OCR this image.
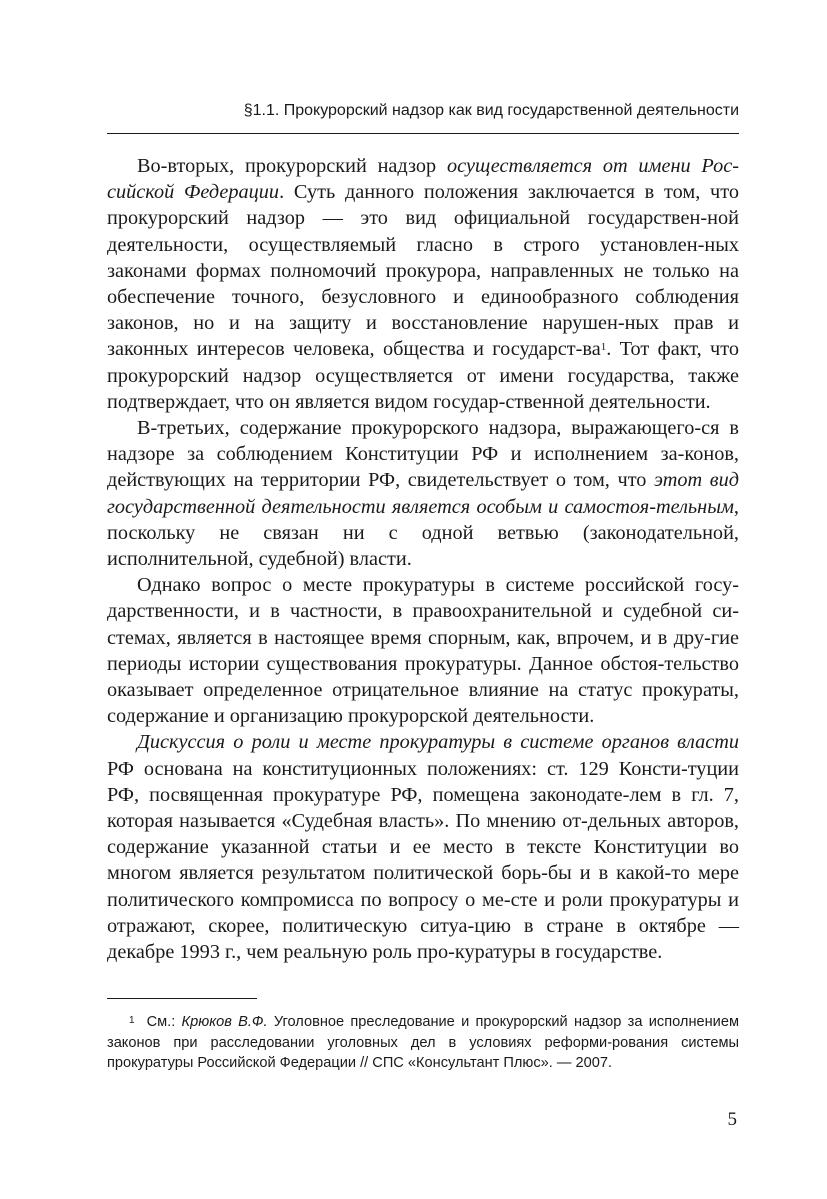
§1.1. Прокурорский надзор как вид государственной деятельности

Во-вторых, прокурорский надзор осуществляется от имени Рос-сийской Федерации. Суть данного положения заключается в том, что прокурорский надзор — это вид официальной государствен-ной деятельности, осуществляемый гласно в строго установлен-ных законами формах полномочий прокурора, направленных не только на обеспечение точного, безусловного и единообразного соблюдения законов, но и на защиту и восстановление нарушен-ных прав и законных интересов человека, общества и государст-ва$^1$. Тот факт, что прокурорский надзор осуществляется от имени государства, также подтверждает, что он является видом государ-ственной деятельности.

В-третьих, содержание прокурорского надзора, выражающего-ся в надзоре за соблюдением Конституции РФ и исполнением за-конов, действующих на территории РФ, свидетельствует о том, что этот вид государственной деятельности является особым и самостоя-тельным, поскольку не связан ни с одной ветвью (законодательной, исполнительной, судебной) власти.

Однако вопрос о месте прокуратуры в системе российской госу-дарственности, и в частности, в правоохранительной и судебной си-стемах, является в настоящее время спорным, как, впрочем, и в дру-гие периоды истории существования прокуратуры. Данное обстоя-тельство оказывает определенное отрицательное влияние на статус прокураты, содержание и организацию прокурорской деятельности.

Дискуссия о роли и месте прокуратуры в системе органов власти РФ основана на конституционных положениях: ст. 129 Консти-туции РФ, посвященная прокуратуре РФ, помещена законодате-лем в гл. 7, которая называется «Судебная власть». По мнению от-дельных авторов, содержание указанной статьи и ее место в тексте Конституции во многом является результатом политической борь-бы и в какой-то мере политического компромисса по вопросу о ме-сте и роли прокуратуры и отражают, скорее, политическую ситуа-цию в стране в октябре — декабре 1993 г., чем реальную роль про-куратуры в государстве.

$^1$ См.: Крюков В.Ф. Уголовное преследование и прокурорский надзор за исполнением законов при расследовании уголовных дел в условиях реформи-рования системы прокуратуры Российской Федерации // СПС «Консультант Плюс». — 2007.

5
